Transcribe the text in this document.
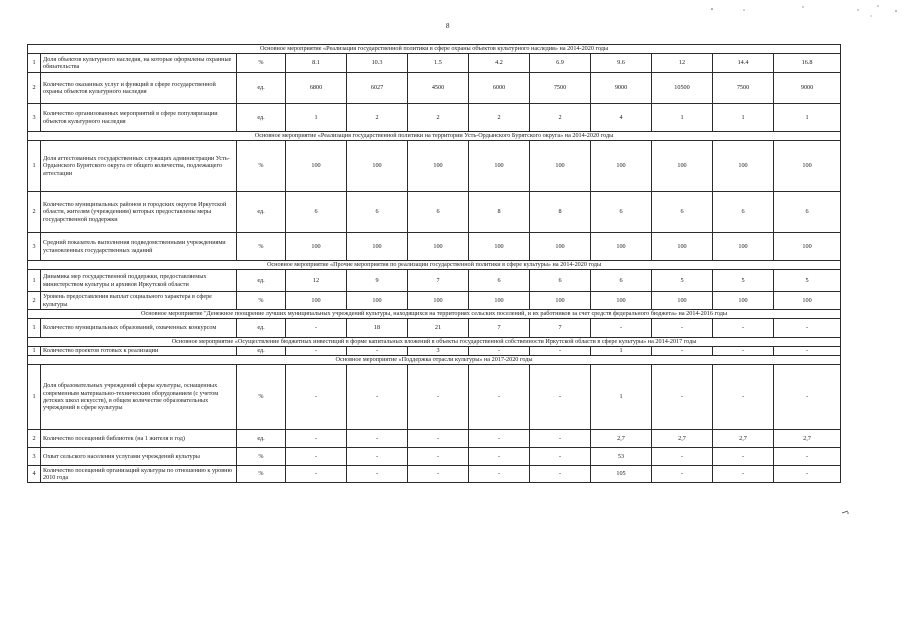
8
Основное мероприятие «Реализация государственной политики в сфере охраны объектов культурного наследия» на 2014-2020 годы											
1	Доля объектов культурного наследия, на которые оформлены охранные обязательства	%	8.1	10.3	1.5	4.2	6.9	9.6	12	14.4	16.8
2	Количество оказанных услуг и функций в сфере государственной охраны объектов культурного наследия	ед.	6800	6027	4500	6000	7500	9000	10500	7500	9000
3	Количество организованных мероприятий в сфере популяризации объектов культурного наследия	ед.	1	2	2	2	2	4	1	1	1
Основное мероприятие «Реализация государственной политики на территории Усть-Ордынского Бурятского округа» на 2014-2020 годы											
1	Доля аттестованных государственных служащих администрации Усть-Ордынского Бурятского округа от общего количества, подлежащего аттестации	%	100	100	100	100	100	100	100	100	100
2	Количество муниципальных районов и городских округов Иркутской области, жителям (учреждениям) которых предоставлены меры государственной поддержки	ед.	6	6	6	8	8	6	6	6	6
3	Средний показатель выполнения подведомственными учреждениями установленных государственных заданий	%	100	100	100	100	100	100	100	100	100
Основное мероприятие «Прочие мероприятия по реализации государственной политики в сфере культуры» на 2014-2020 годы											
1	Динамика мер государственной поддержки, предоставляемых министерством культуры и архивов Иркутской области	ед.	12	9	7	6	6	6	5	5	5
2	Уровень предоставления выплат социального характера в сфере культуры	%	100	100	100	100	100	100	100	100	100
Основное мероприятие "Денежное поощрение лучших муниципальных учреждений культуры, находящихся на территориях сельских поселений, и их работников за счет средств федерального бюджета» на 2014-2016 годы											
1	Количество муниципальных образований, охваченных конкурсом	ед.	-	18	21	7	7	-	-	-	-
Основное мероприятие «Осуществление бюджетных инвестиций в форме капитальных вложений в объекты государственной собственности Иркутской области в сфере культуры» на 2014-2017 годы											
1	Количество проектов готовых к реализации	ед.	-	-	3	-	-	1	-	-	-
Основное мероприятие «Поддержка отрасли культуры» на 2017-2020 годы											
1	Доля образовательных учреждений сферы культуры, оснащенных современным материально-техническим оборудованием (с учетом детских школ искусств), в общем количестве образовательных учреждений в сфере культуры	%	-	-	-	-	-	1	-	-	-
2	Количество посещений библиотек (на 1 жителя в год)	ед.	-	-	-	-	-	2,7	2,7	2,7	2,7
3	Охват сельского населения услугами учреждений культуры	%	-	-	-	-	-	53	-	-	-
4	Количество посещений организаций культуры по отношению к уровню 2010 года	%	-	-	-	-	-	105	-	-	-
